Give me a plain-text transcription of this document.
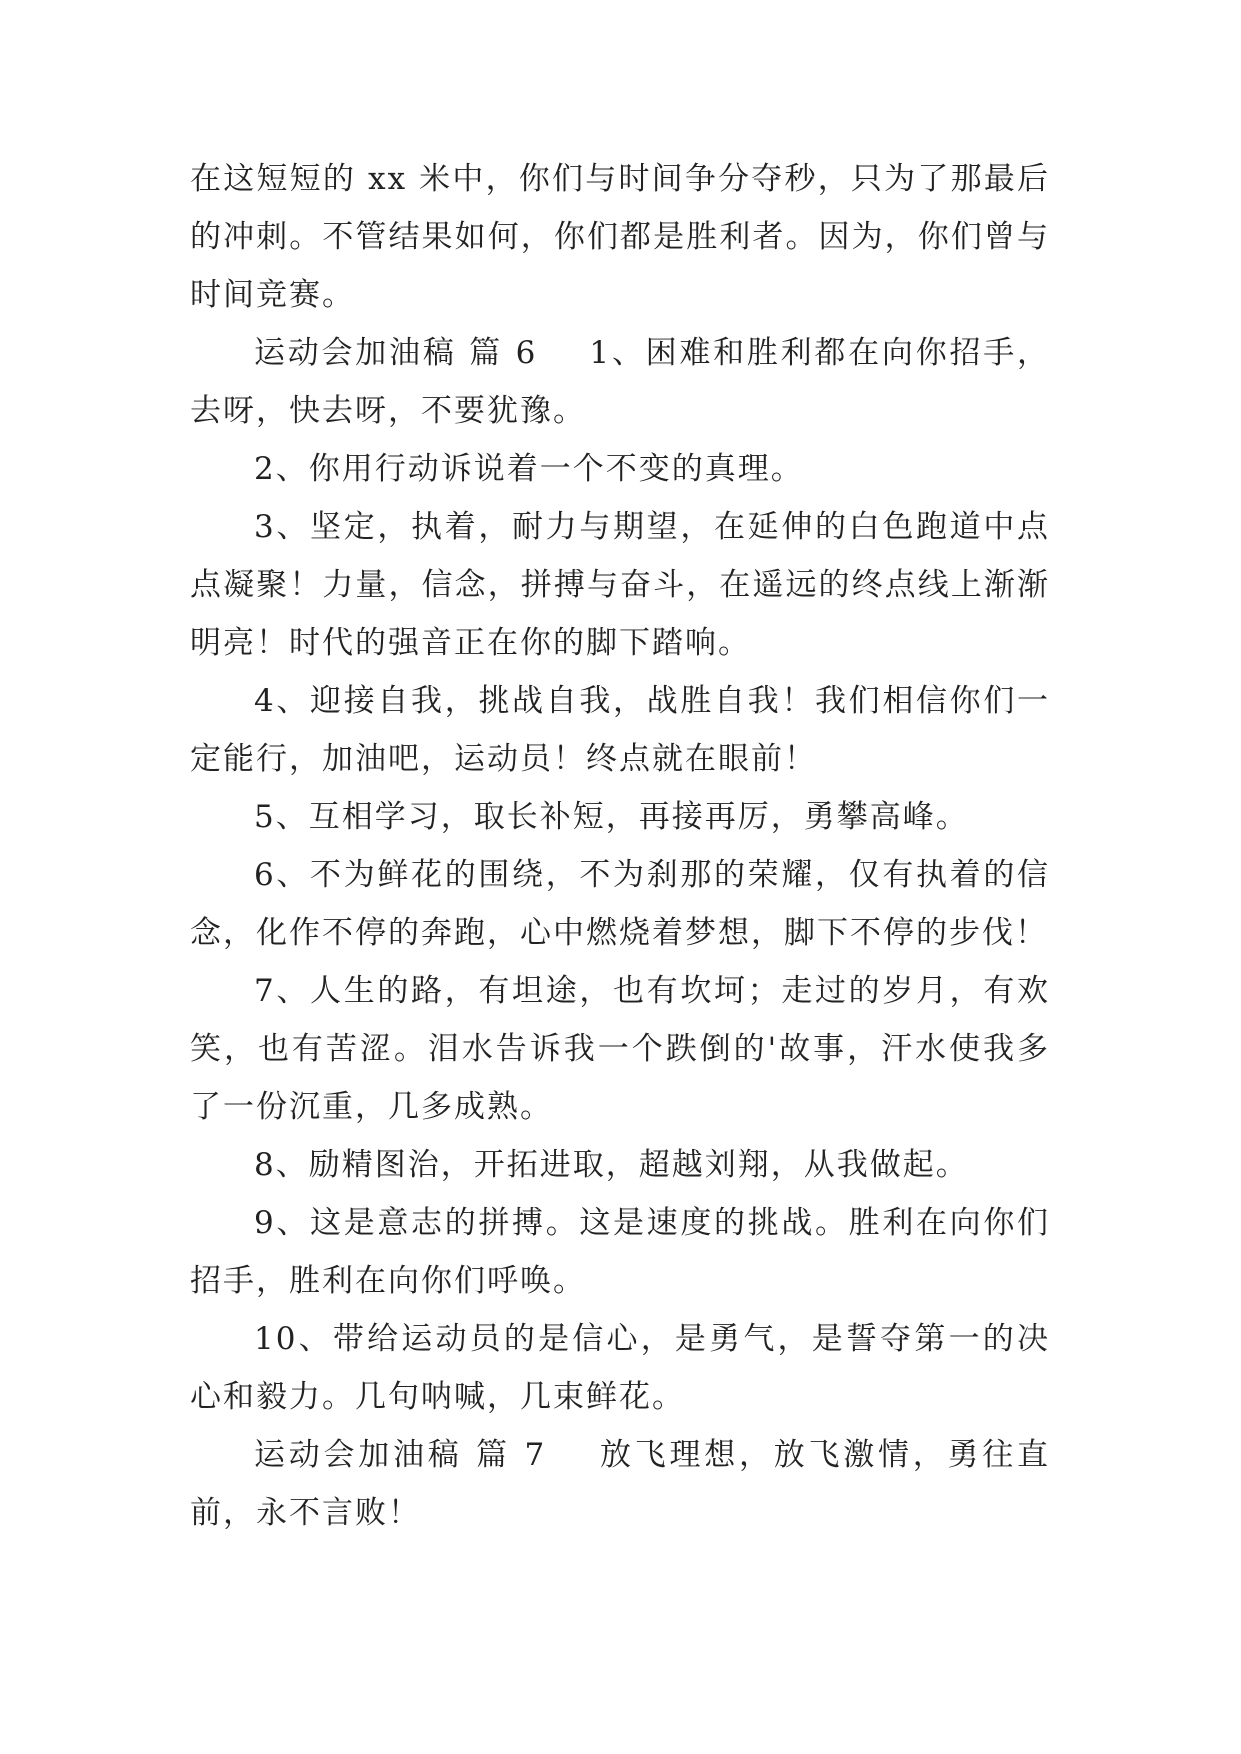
在这短短的 xx 米中，你们与时间争分夺秒，只为了那最后的冲刺。不管结果如何，你们都是胜利者。因为，你们曾与时间竞赛。

运动会加油稿 篇 6 1、困难和胜利都在向你招手，去呀，快去呀，不要犹豫。

2、你用行动诉说着一个不变的真理。

3、坚定，执着，耐力与期望，在延伸的白色跑道中点点凝聚！力量，信念，拼搏与奋斗，在遥远的终点线上渐渐明亮！时代的强音正在你的脚下踏响。

4、迎接自我，挑战自我，战胜自我！我们相信你们一定能行，加油吧，运动员！终点就在眼前！

5、互相学习，取长补短，再接再厉，勇攀高峰。

6、不为鲜花的围绕，不为刹那的荣耀，仅有执着的信念，化作不停的奔跑，心中燃烧着梦想，脚下不停的步伐！

7、人生的路，有坦途，也有坎坷；走过的岁月，有欢笑，也有苦涩。泪水告诉我一个跌倒的'故事，汗水使我多了一份沉重，几多成熟。

8、励精图治，开拓进取，超越刘翔，从我做起。

9、这是意志的拼搏。这是速度的挑战。胜利在向你们招手，胜利在向你们呼唤。

10、带给运动员的是信心，是勇气，是誓夺第一的决心和毅力。几句呐喊，几束鲜花。

运动会加油稿 篇 7 放飞理想，放飞激情，勇往直前，永不言败！
